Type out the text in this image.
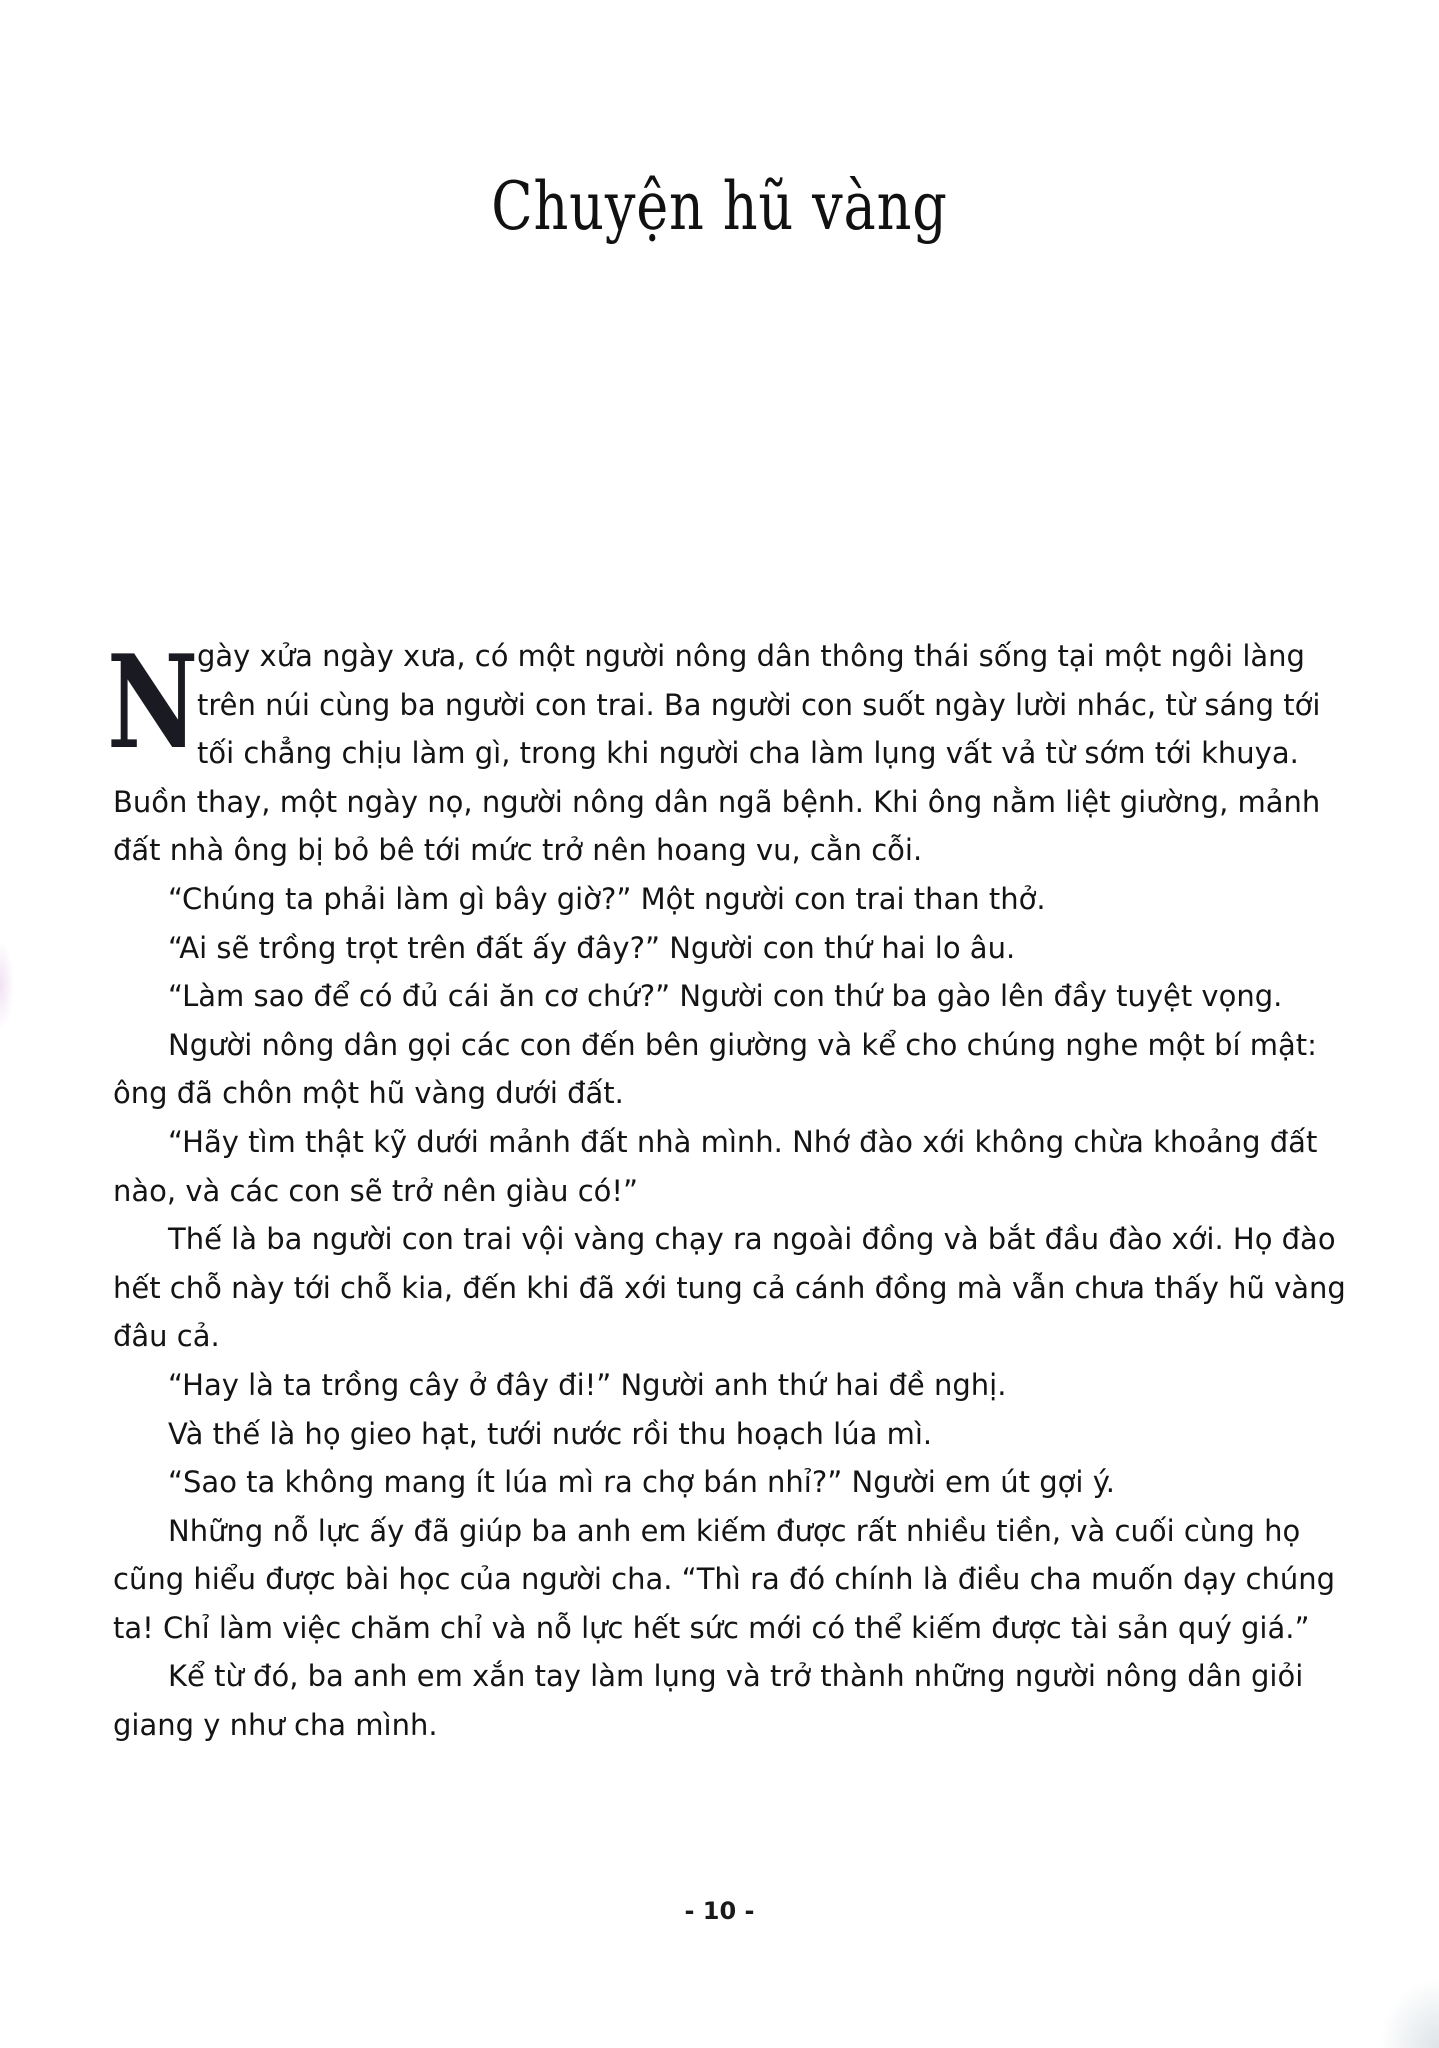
Chuyện hũ vàng
N
gày xửa ngày xưa, có một người nông dân thông thái sống tại một ngôi làng
trên núi cùng ba người con trai. Ba người con suốt ngày lười nhác, từ sáng tới
tối chẳng chịu làm gì, trong khi người cha làm lụng vất vả từ sớm tới khuya.
Buồn thay, một ngày nọ, người nông dân ngã bệnh. Khi ông nằm liệt giường, mảnh
đất nhà ông bị bỏ bê tới mức trở nên hoang vu, cằn cỗi.

“Chúng ta phải làm gì bây giờ?” Một người con trai than thở.

“Ai sẽ trồng trọt trên đất ấy đây?” Người con thứ hai lo âu.

“Làm sao để có đủ cái ăn cơ chứ?” Người con thứ ba gào lên đầy tuyệt vọng.

Người nông dân gọi các con đến bên giường và kể cho chúng nghe một bí mật:
ông đã chôn một hũ vàng dưới đất.

“Hãy tìm thật kỹ dưới mảnh đất nhà mình. Nhớ đào xới không chừa khoảng đất
nào, và các con sẽ trở nên giàu có!”

Thế là ba người con trai vội vàng chạy ra ngoài đồng và bắt đầu đào xới. Họ đào
hết chỗ này tới chỗ kia, đến khi đã xới tung cả cánh đồng mà vẫn chưa thấy hũ vàng
đâu cả.

“Hay là ta trồng cây ở đây đi!” Người anh thứ hai đề nghị.

Và thế là họ gieo hạt, tưới nước rồi thu hoạch lúa mì.

“Sao ta không mang ít lúa mì ra chợ bán nhỉ?” Người em út gợi ý.

Những nỗ lực ấy đã giúp ba anh em kiếm được rất nhiều tiền, và cuối cùng họ
cũng hiểu được bài học của người cha. “Thì ra đó chính là điều cha muốn dạy chúng
ta! Chỉ làm việc chăm chỉ và nỗ lực hết sức mới có thể kiếm được tài sản quý giá.”

Kể từ đó, ba anh em xắn tay làm lụng và trở thành những người nông dân giỏi
giang y như cha mình.

- 10 -
